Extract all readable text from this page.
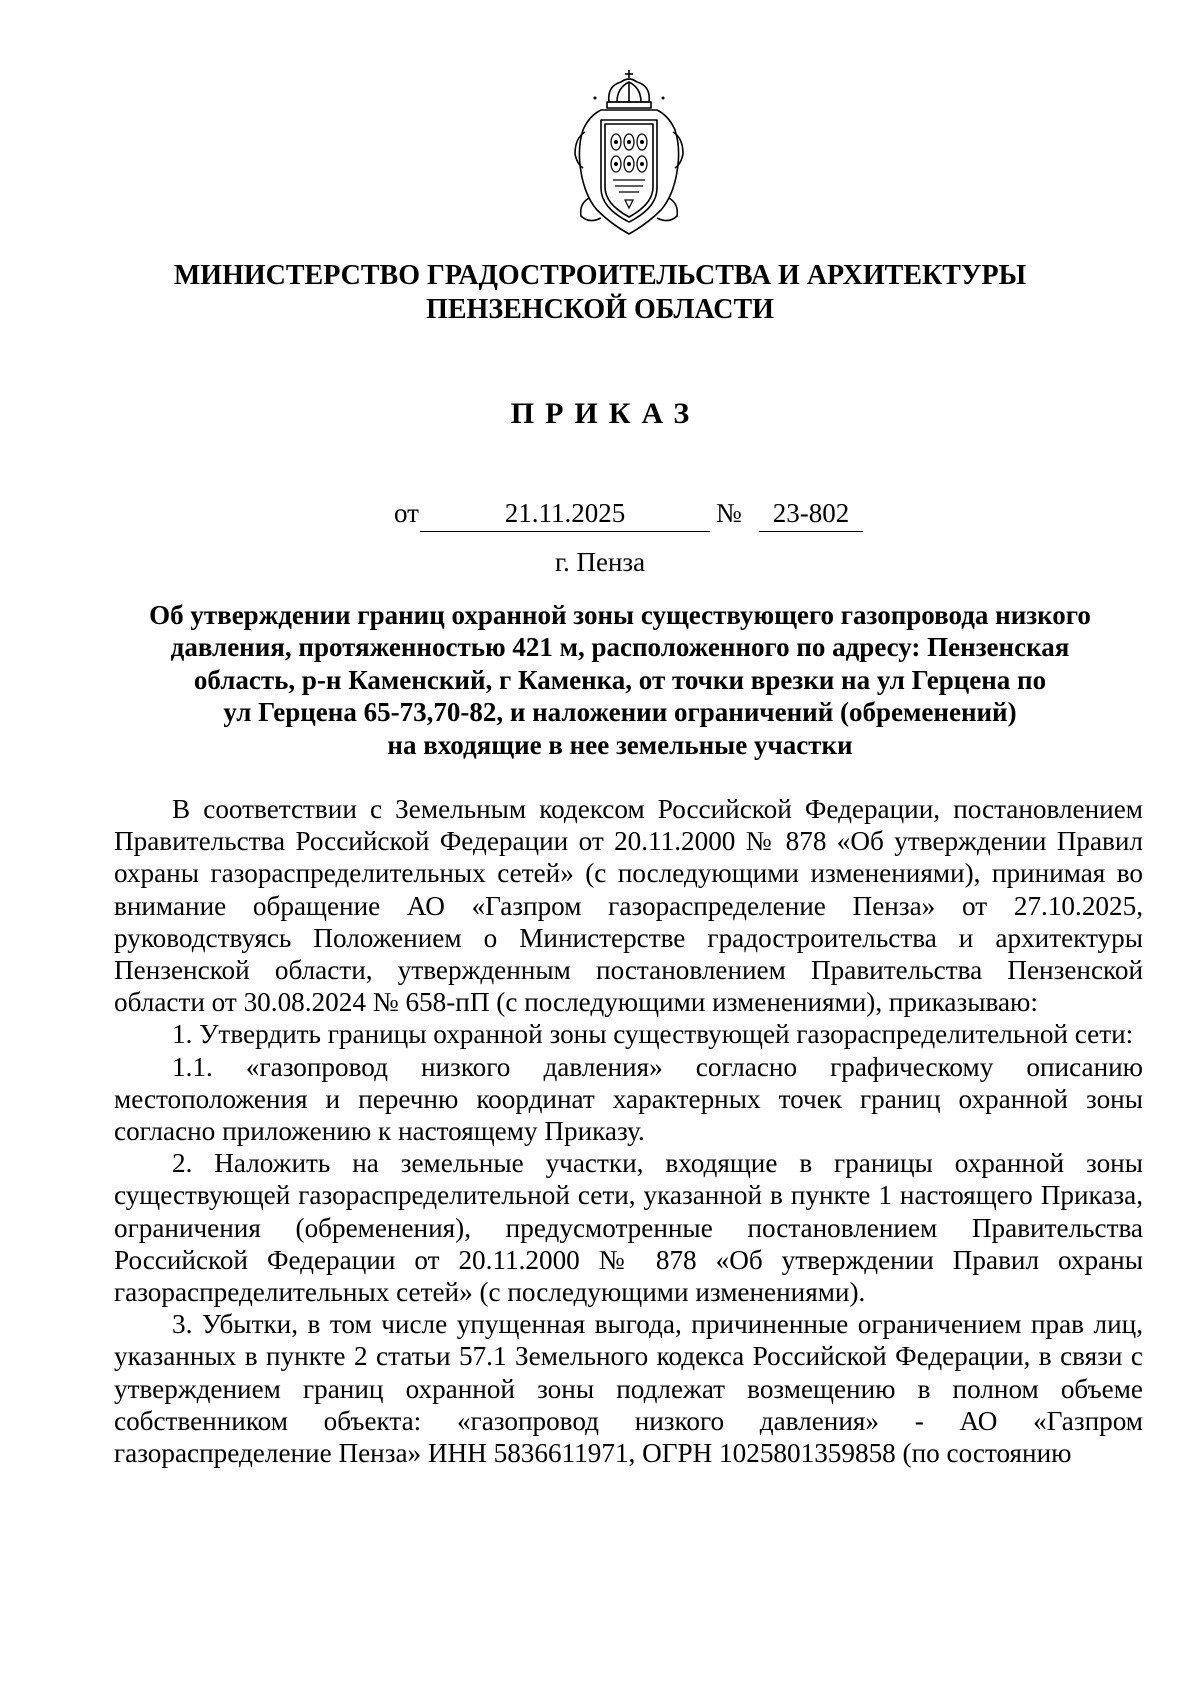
МИНИСТЕРСТВО ГРАДОСТРОИТЕЛЬСТВА И АРХИТЕКТУРЫ
ПЕНЗЕНСКОЙ ОБЛАСТИ
ПРИКАЗ
от	21.11.2025	№	23-802
г. Пенза
Об утверждении границ охранной зоны существующего газопровода низкого
давления, протяженностью 421 м, расположенного по адресу: Пензенская
область, р-н Каменский, г Каменка, от точки врезки на ул Герцена по
ул Герцена 65-73,70-82, и наложении ограничений (обременений)
на входящие в нее земельные участки

В соответствии с Земельным кодексом Российской Федерации, постановлением Правительства Российской Федерации от 20.11.2000 № 878 «Об утверждении Правил охраны газораспределительных сетей» (с последующими изменениями), принимая во внимание обращение АО «Газпром газораспределение Пенза» от 27.10.2025, руководствуясь Положением о Министерстве градостроительства и архитектуры Пензенской области, утвержденным постановлением Правительства Пензенской области от 30.08.2024 № 658-пП (с последующими изменениями), приказываю:

1. Утвердить границы охранной зоны существующей газораспределительной сети:

1.1. «газопровод низкого давления» согласно графическому описанию местоположения и перечню координат характерных точек границ охранной зоны согласно приложению к настоящему Приказу.

2. Наложить на земельные участки, входящие в границы охранной зоны существующей газораспределительной сети, указанной в пункте 1 настоящего Приказа, ограничения (обременения), предусмотренные постановлением Правительства Российской Федерации от 20.11.2000 № 878 «Об утверждении Правил охраны газораспределительных сетей» (с последующими изменениями).

3. Убытки, в том числе упущенная выгода, причиненные ограничением прав лиц, указанных в пункте 2 статьи 57.1 Земельного кодекса Российской Федерации, в связи с утверждением границ охранной зоны подлежат возмещению в полном объеме собственником объекта: «газопровод низкого давления» - АО «Газпром газораспределение Пенза» ИНН 5836611971, ОГРН 1025801359858 (по состоянию
